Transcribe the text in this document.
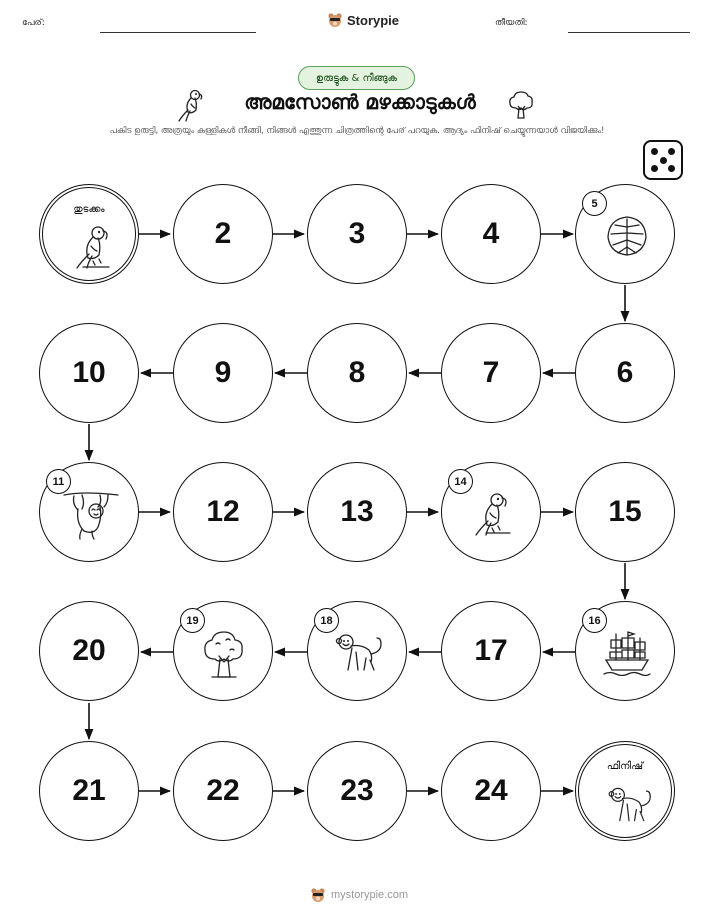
പേര്:	Storypie	തീയതി:
ഉരുട്ടുക & നീങ്ങുക
അമസോൺ മഴക്കാടുകൾ
പകിട ഉരുട്ടി, അത്രയും കള്ളികൾ നീങ്ങി, നിങ്ങൾ എത്തുന്ന ചിത്രത്തിന്റെ പേര് പറയുക. ആദ്യം ഫിനിഷ് ചെയ്യുന്നയാൾ വിജയിക്കും!
തുടക്കം
2	3	4
5
6
7
8
9
10
11
12	13
14
15
16
17
18
19
20
21	22	23	24
ഫിനിഷ്
mystorypie.com
